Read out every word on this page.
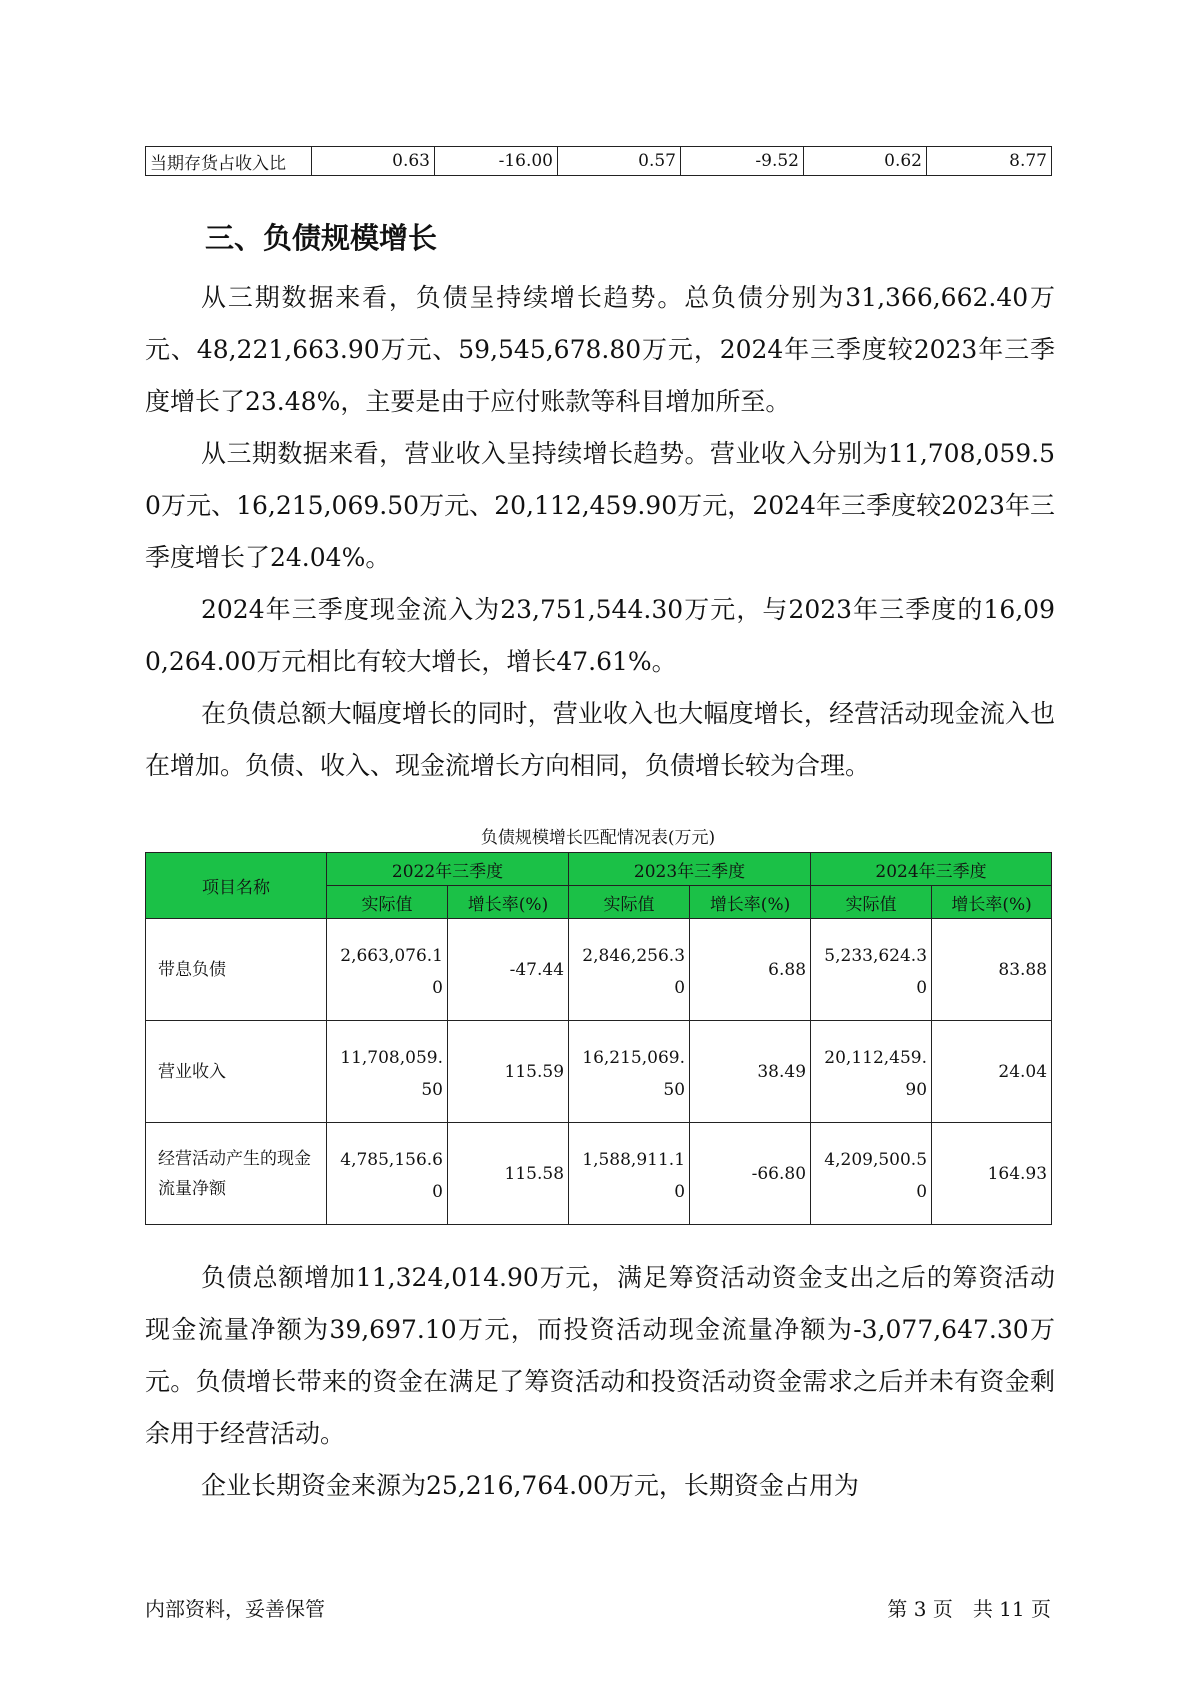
当期存货占收入比	0.63	-16.00	0.57	-9.52	0.62	8.77
三、负债规模增长

从三期数据来看，负债呈持续增长趋势。总负债分别为31,366,662.40万元、48,221,663.90万元、59,545,678.80万元，2024年三季度较2023年三季度增长了23.48%，主要是由于应付账款等科目增加所至。

从三期数据来看，营业收入呈持续增长趋势。营业收入分别为11,708,059.50万元、16,215,069.50万元、20,112,459.90万元，2024年三季度较2023年三季度增长了24.04%。

2024年三季度现金流入为23,751,544.30万元，与2023年三季度的16,090,264.00万元相比有较大增长，增长47.61%。

在负债总额大幅度增长的同时，营业收入也大幅度增长，经营活动现金流入也在增加。负债、收入、现金流增长方向相同，负债增长较为合理。

负债规模增长匹配情况表(万元)

项目名称	2022年三季度		2023年三季度		2024年三季度	
	实际值	增长率(%)	实际值	增长率(%)	实际值	增长率(%)
带息负债	2,663,076.10	-47.44	2,846,256.30	6.88	5,233,624.30	83.88
营业收入	11,708,059.50	115.59	16,215,069.50	38.49	20,112,459.90	24.04
经营活动产生的现金流量净额	4,785,156.60	115.58	1,588,911.10	-66.80	4,209,500.50	164.93

负债总额增加11,324,014.90万元，满足筹资活动资金支出之后的筹资活动现金流量净额为39,697.10万元，而投资活动现金流量净额为-3,077,647.30万元。负债增长带来的资金在满足了筹资活动和投资活动资金需求之后并未有资金剩余用于经营活动。

企业长期资金来源为25,216,764.00万元，长期资金占用为

内部资料，妥善保管	第 3 页　共 11 页
